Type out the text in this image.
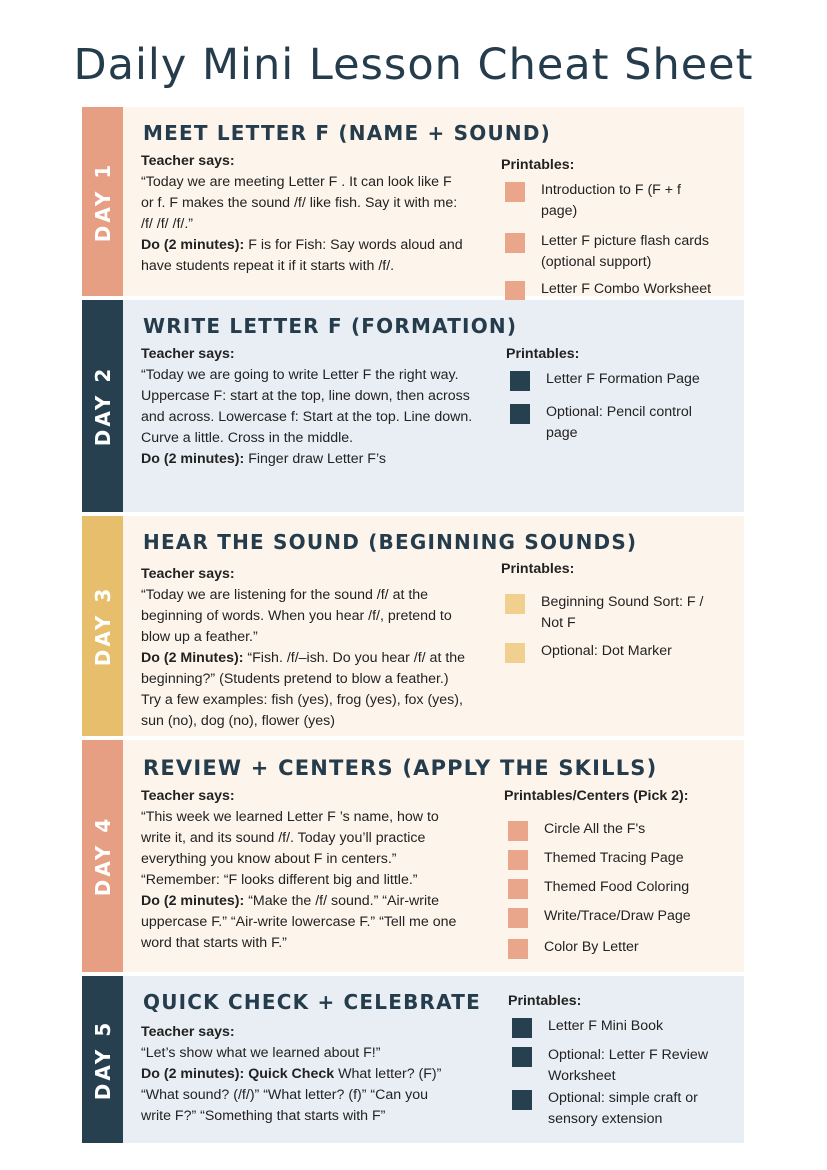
Daily Mini Lesson Cheat Sheet
DAY 1
MEET LETTER F (NAME + SOUND)

Teacher says:

“Today we are meeting Letter F . It can look like F

or f. F makes the sound /f/ like fish. Say it with me:

/f/ /f/ /f/.”

Do (2 minutes): F is for Fish: Say words aloud and

have students repeat it if it starts with /f/.

Printables:

Introduction to F (F + f page)

Letter F picture flash cards (optional support)

Letter F Combo Worksheet

DAY 2
WRITE LETTER F (FORMATION)

Teacher says:

“Today we are going to write Letter F the right way.

Uppercase F: start at the top, line down, then across

and across. Lowercase f: Start at the top. Line down.

Curve a little. Cross in the middle.

Do (2 minutes): Finger draw Letter F’s

Printables:

Letter F Formation Page

Optional: Pencil control page

DAY 3
HEAR THE SOUND (BEGINNING SOUNDS)

Teacher says:

“Today we are listening for the sound /f/ at the

beginning of words. When you hear /f/, pretend to

blow up a feather.”

Do (2 Minutes): “Fish. /f/–ish. Do you hear /f/ at the

beginning?” (Students pretend to blow a feather.)

Try a few examples: fish (yes), frog (yes), fox (yes),

sun (no), dog (no), flower (yes)

Printables:

Beginning Sound Sort: F / Not F

Optional: Dot Marker

DAY 4
REVIEW + CENTERS (APPLY THE SKILLS)

Teacher says:

“This week we learned Letter F ’s name, how to

write it, and its sound /f/. Today you’ll practice

everything you know about F in centers.”

“Remember: “F looks different big and little.”

Do (2 minutes): “Make the /f/ sound.” “Air-write

uppercase F.” “Air-write lowercase F.” “Tell me one

word that starts with F.”

Printables/Centers (Pick 2):

Circle All the F's

Themed Tracing Page

Themed Food Coloring

Write/Trace/Draw Page

Color By Letter

DAY 5
QUICK CHECK + CELEBRATE

Teacher says:

“Let’s show what we learned about F!”

Do (2 minutes): Quick Check What letter? (F)”

“What sound? (/f/)” “What letter? (f)” “Can you

write F?” “Something that starts with F”

Printables:

Letter F Mini Book

Optional: Letter F Review Worksheet

Optional: simple craft or sensory extension
